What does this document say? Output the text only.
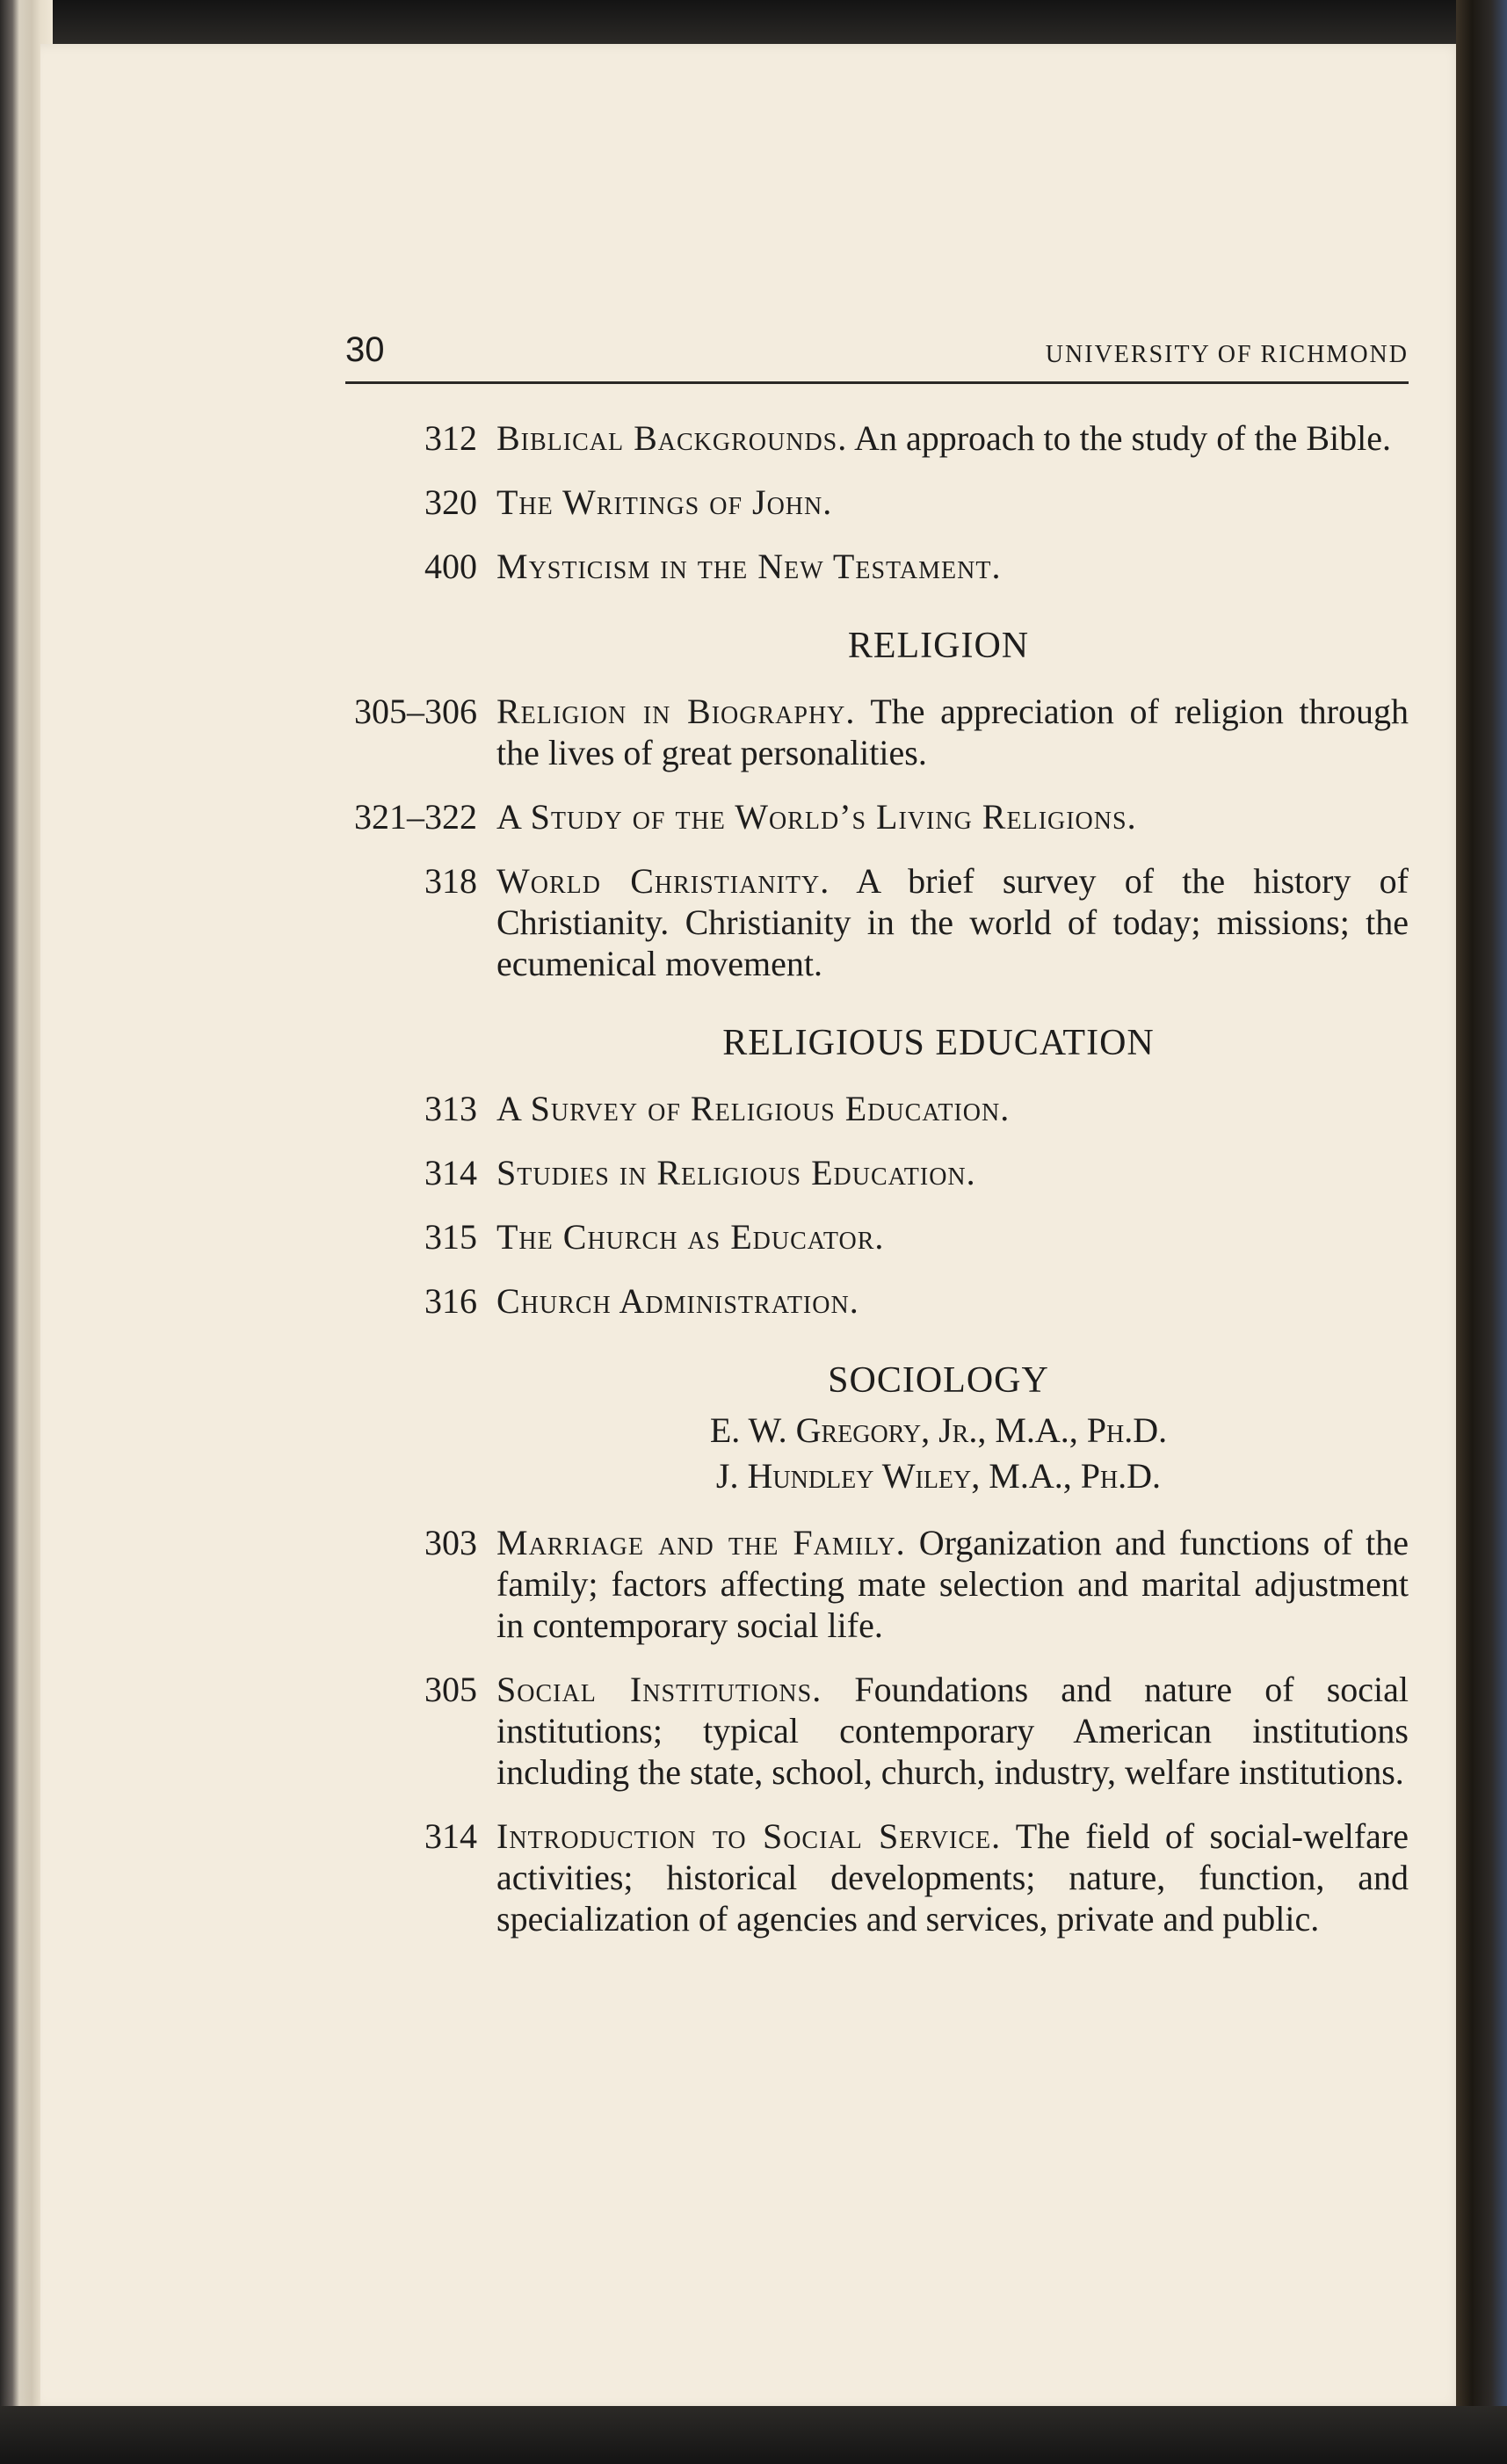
30	UNIVERSITY OF RICHMOND
312 Biblical Backgrounds. An approach to the study of the Bible.
320 The Writings of John.
400 Mysticism in the New Testament.
RELIGION
305–306 Religion in Biography. The appreciation of religion through the lives of great personalities.
321–322 A Study of the World’s Living Religions.
318 World Christianity. A brief survey of the history of Christianity. Christianity in the world of today; missions; the ecumenical movement.
RELIGIOUS EDUCATION
313 A Survey of Religious Education.
314 Studies in Religious Education.
315 The Church as Educator.
316 Church Administration.
SOCIOLOGY
E. W. Gregory, Jr., M.A., Ph.D.
J. Hundley Wiley, M.A., Ph.D.
303 Marriage and the Family. Organization and functions of the family; factors affecting mate selection and marital adjustment in contemporary social life.
305 Social Institutions. Foundations and nature of social institutions; typical contemporary American institutions including the state, school, church, industry, welfare institutions.
314 Introduction to Social Service. The field of social-welfare activities; historical developments; nature, function, and specialization of agencies and services, private and public.
